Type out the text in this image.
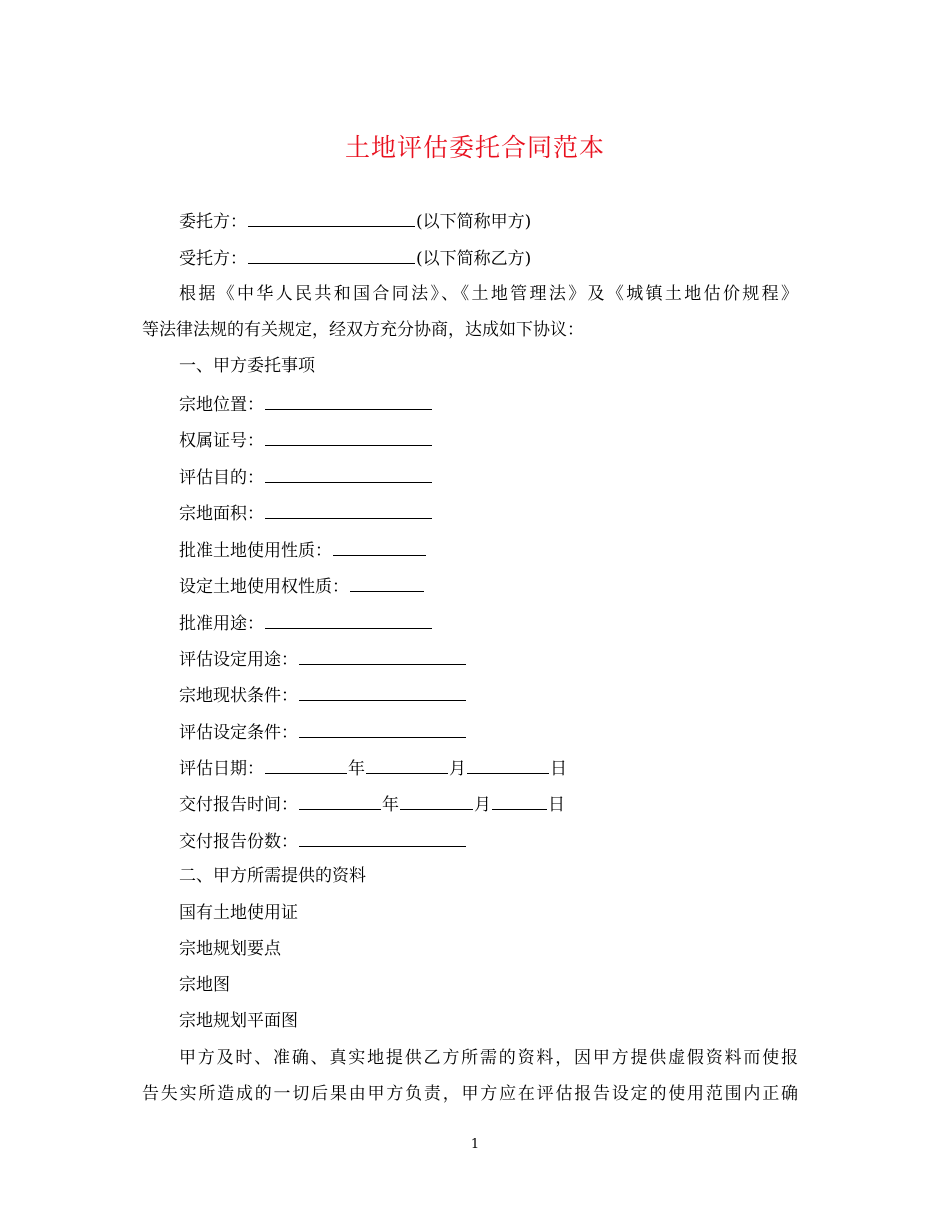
土地评估委托合同范本
委托方：	(以下简称甲方)
受托方：	(以下简称乙方)
根据《中华人民共和国合同法》、《土地管理法》及《城镇土地估价规程》
等法律法规的有关规定，经双方充分协商，达成如下协议：
一、甲方委托事项
宗地位置：
权属证号：
评估目的：
宗地面积：
批准土地使用性质：
设定土地使用权性质：
批准用途：
评估设定用途：
宗地现状条件：
评估设定条件：
评估日期：	年	月	日
交付报告时间：	年	月	日
交付报告份数：
二、甲方所需提供的资料
国有土地使用证
宗地规划要点
宗地图
宗地规划平面图
甲方及时、准确、真实地提供乙方所需的资料，因甲方提供虚假资料而使报
告失实所造成的一切后果由甲方负责，甲方应在评估报告设定的使用范围内正确
1
